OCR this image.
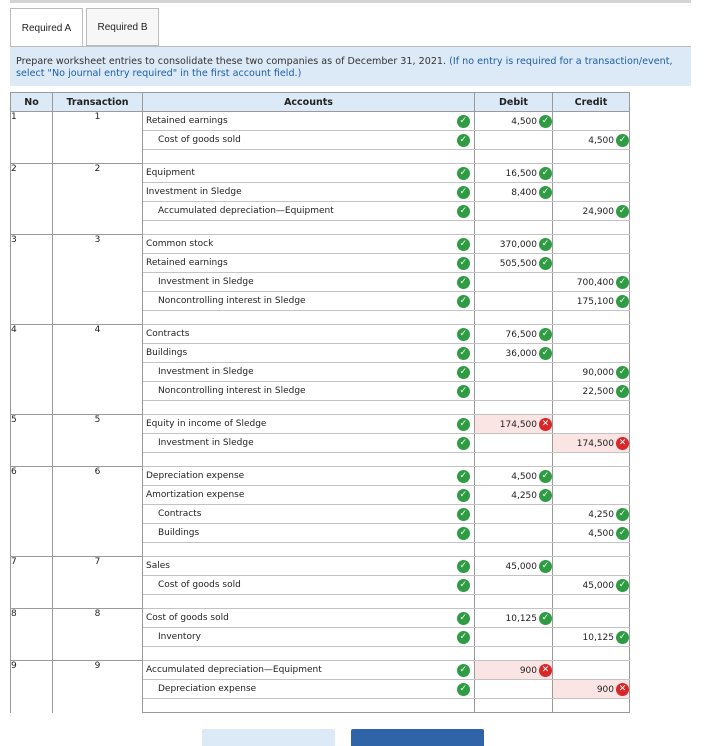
Required A	Required B
Prepare worksheet entries to consolidate these two companies as of December 31, 2021. (If no entry is required for a transaction/event, select "No journal entry required" in the first account field.)
No	Transaction	Accounts		Debit	Credit
1	1	Retained earnings	✓	4,500 ✓	

		Cost of goods sold	✓		4,500 ✓

2	2	Equipment	✓	16,500 ✓	

		Investment in Sledge	✓	8,400 ✓	

		Accumulated depreciation—Equipment	✓		24,900 ✓

3	3	Common stock	✓	370,000 ✓	

		Retained earnings	✓	505,500 ✓	

		Investment in Sledge	✓		700,400 ✓

		Noncontrolling interest in Sledge	✓		175,100 ✓

4	4	Contracts	✓	76,500 ✓	

		Buildings	✓	36,000 ✓	

		Investment in Sledge	✓		90,000 ✓

		Noncontrolling interest in Sledge	✓		22,500 ✓

5	5	Equity in income of Sledge	✓	174,500 ✕	

		Investment in Sledge	✓		174,500 ✕

6	6	Depreciation expense	✓	4,500 ✓	

		Amortization expense	✓	4,250 ✓	

		Contracts	✓		4,250 ✓

		Buildings	✓		4,500 ✓

7	7	Sales	✓	45,000 ✓	

		Cost of goods sold	✓		45,000 ✓

8	8	Cost of goods sold	✓	10,125 ✓	

		Inventory	✓		10,125 ✓

9	9	Accumulated depreciation—Equipment	✓	900 ✕	

		Depreciation expense	✓		900 ✕
